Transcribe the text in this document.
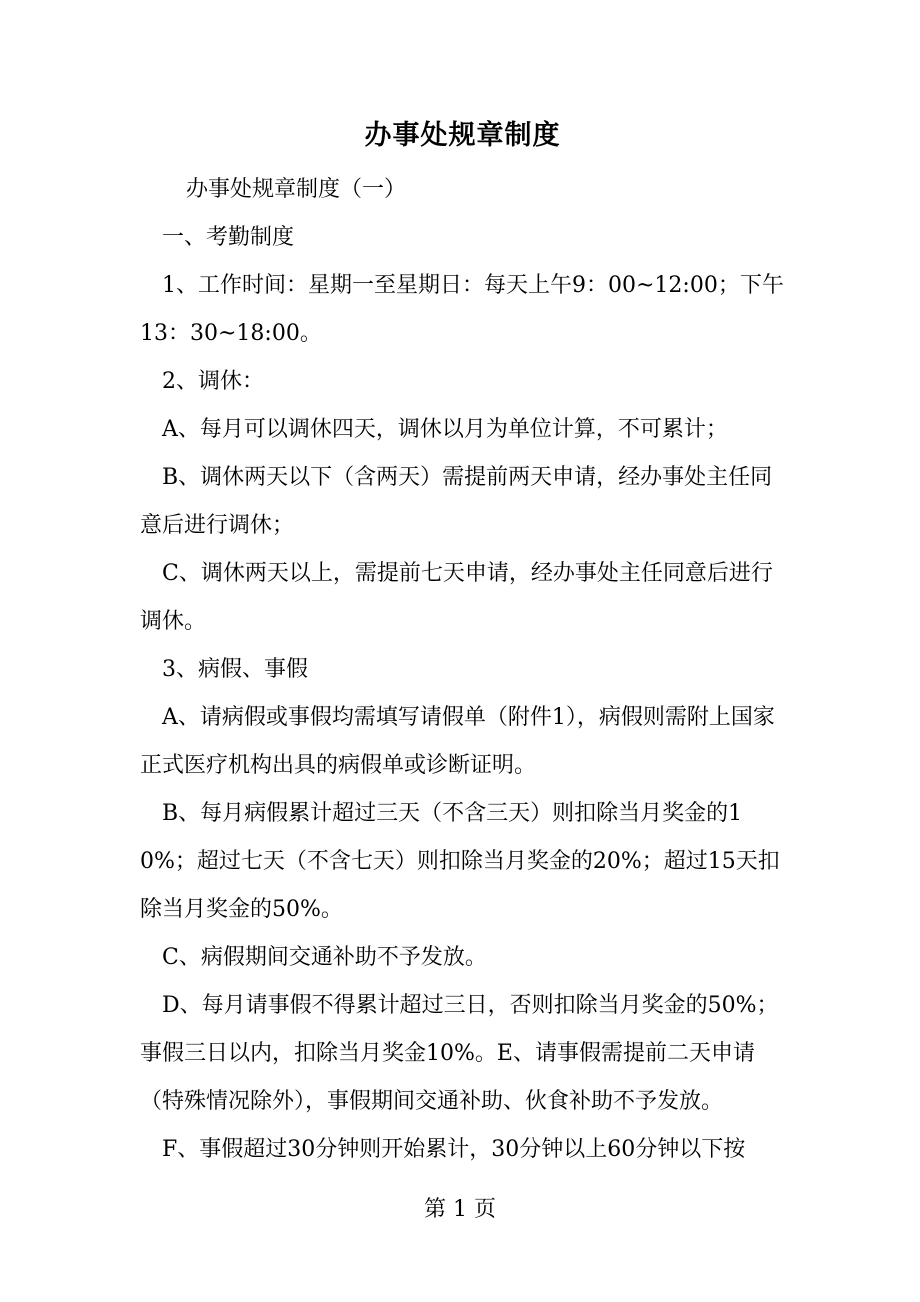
办事处规章制度

办事处规章制度（一）

一、考勤制度

1、工作时间：星期一至星期日：每天上午9：00~12:00；下午13：30~18:00。

2、调休：

A、每月可以调休四天，调休以月为单位计算，不可累计；

B、调休两天以下（含两天）需提前两天申请，经办事处主任同意后进行调休；

C、调休两天以上，需提前七天申请，经办事处主任同意后进行调休。

3、病假、事假

A、请病假或事假均需填写请假单（附件1），病假则需附上国家正式医疗机构出具的病假单或诊断证明。

B、每月病假累计超过三天（不含三天）则扣除当月奖金的10%；超过七天（不含七天）则扣除当月奖金的20%；超过15天扣除当月奖金的50%。

C、病假期间交通补助不予发放。

D、每月请事假不得累计超过三日，否则扣除当月奖金的50%；事假三日以内，扣除当月奖金10%。E、请事假需提前二天申请（特殊情况除外），事假期间交通补助、伙食补助不予发放。

F、事假超过30分钟则开始累计，30分钟以上60分钟以下按

第 1 页
